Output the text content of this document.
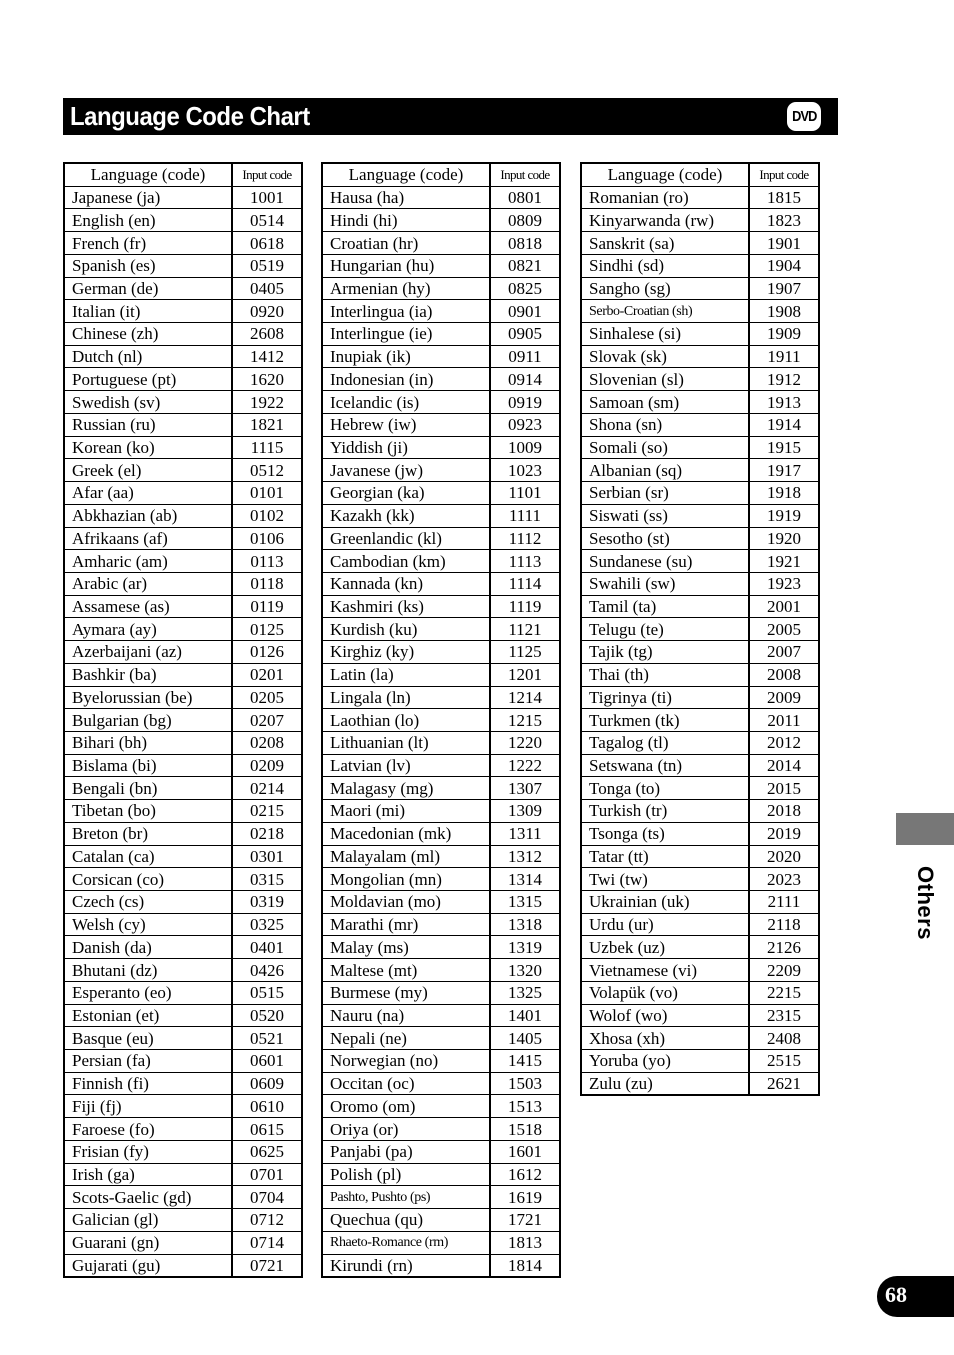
Language Code Chart	DVD
Language (code)	Input code
Japanese (ja)	1001
English (en)	0514
French (fr)	0618
Spanish (es)	0519
German (de)	0405
Italian (it)	0920
Chinese (zh)	2608
Dutch (nl)	1412
Portuguese (pt)	1620
Swedish (sv)	1922
Russian (ru)	1821
Korean (ko)	1115
Greek (el)	0512
Afar (aa)	0101
Abkhazian (ab)	0102
Afrikaans (af)	0106
Amharic (am)	0113
Arabic (ar)	0118
Assamese (as)	0119
Aymara (ay)	0125
Azerbaijani (az)	0126
Bashkir (ba)	0201
Byelorussian (be)	0205
Bulgarian (bg)	0207
Bihari (bh)	0208
Bislama (bi)	0209
Bengali (bn)	0214
Tibetan (bo)	0215
Breton (br)	0218
Catalan (ca)	0301
Corsican (co)	0315
Czech (cs)	0319
Welsh (cy)	0325
Danish (da)	0401
Bhutani (dz)	0426
Esperanto (eo)	0515
Estonian (et)	0520
Basque (eu)	0521
Persian (fa)	0601
Finnish (fi)	0609
Fiji (fj)	0610
Faroese (fo)	0615
Frisian (fy)	0625
Irish (ga)	0701
Scots-Gaelic (gd)	0704
Galician (gl)	0712
Guarani (gn)	0714
Gujarati (gu)	0721
Language (code)	Input code
Hausa (ha)	0801
Hindi (hi)	0809
Croatian (hr)	0818
Hungarian (hu)	0821
Armenian (hy)	0825
Interlingua (ia)	0901
Interlingue (ie)	0905
Inupiak (ik)	0911
Indonesian (in)	0914
Icelandic (is)	0919
Hebrew (iw)	0923
Yiddish (ji)	1009
Javanese (jw)	1023
Georgian (ka)	1101
Kazakh (kk)	1111
Greenlandic (kl)	1112
Cambodian (km)	1113
Kannada (kn)	1114
Kashmiri (ks)	1119
Kurdish (ku)	1121
Kirghiz (ky)	1125
Latin (la)	1201
Lingala (ln)	1214
Laothian (lo)	1215
Lithuanian (lt)	1220
Latvian (lv)	1222
Malagasy (mg)	1307
Maori (mi)	1309
Macedonian (mk)	1311
Malayalam (ml)	1312
Mongolian (mn)	1314
Moldavian (mo)	1315
Marathi (mr)	1318
Malay (ms)	1319
Maltese (mt)	1320
Burmese (my)	1325
Nauru (na)	1401
Nepali (ne)	1405
Norwegian (no)	1415
Occitan (oc)	1503
Oromo (om)	1513
Oriya (or)	1518
Panjabi (pa)	1601
Polish (pl)	1612
Pashto, Pushto (ps)	1619
Quechua (qu)	1721
Rhaeto-Romance (rm)	1813
Kirundi (rn)	1814
Language (code)	Input code
Romanian (ro)	1815
Kinyarwanda (rw)	1823
Sanskrit (sa)	1901
Sindhi (sd)	1904
Sangho (sg)	1907
Serbo-Croatian (sh)	1908
Sinhalese (si)	1909
Slovak (sk)	1911
Slovenian (sl)	1912
Samoan (sm)	1913
Shona (sn)	1914
Somali (so)	1915
Albanian (sq)	1917
Serbian (sr)	1918
Siswati (ss)	1919
Sesotho (st)	1920
Sundanese (su)	1921
Swahili (sw)	1923
Tamil (ta)	2001
Telugu (te)	2005
Tajik (tg)	2007
Thai (th)	2008
Tigrinya (ti)	2009
Turkmen (tk)	2011
Tagalog (tl)	2012
Setswana (tn)	2014
Tonga (to)	2015
Turkish (tr)	2018
Tsonga (ts)	2019
Tatar (tt)	2020
Twi (tw)	2023
Ukrainian (uk)	2111
Urdu (ur)	2118
Uzbek (uz)	2126
Vietnamese (vi)	2209
Volapük (vo)	2215
Wolof (wo)	2315
Xhosa (xh)	2408
Yoruba (yo)	2515
Zulu (zu)	2621
Others
68
